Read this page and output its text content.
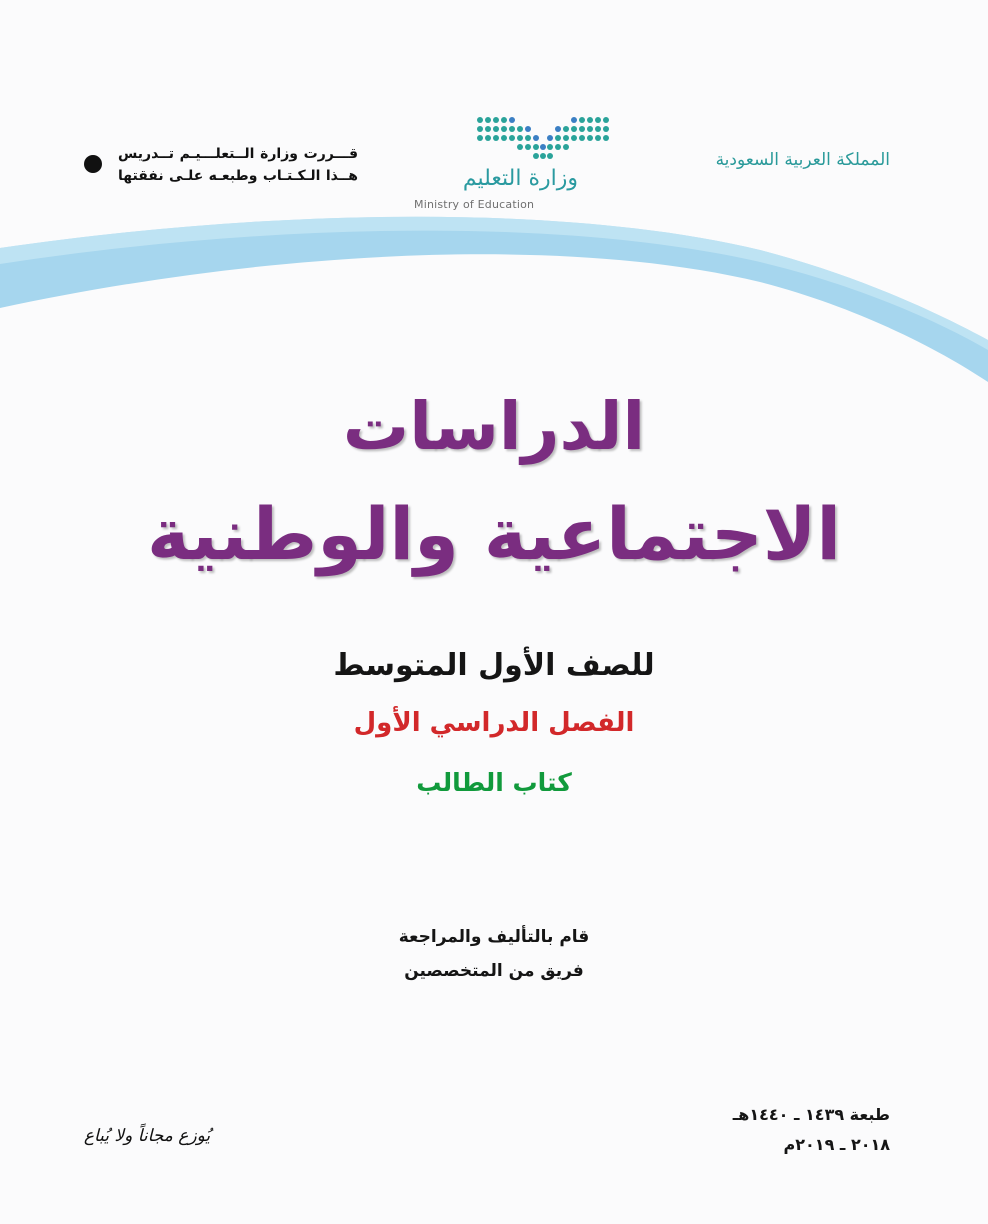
المملكة العربية السعودية
وزارة التعليم
Ministry of Education
قـــررت وزارة الــتعلـــيـم تــدريس
هــذا الـكـتـاب وطبعـه علـى نفقتها
الدراسات
الاجتماعية والوطنية
للصف الأول المتوسط
الفصل الدراسي الأول
كتاب الطالب
قام بالتأليف والمراجعة
فريق من المتخصصين
طبعة ١٤٣٩ ـ ١٤٤٠هـ
٢٠١٨ ـ ٢٠١٩م
يُوزع مجاناً ولا يُباع
